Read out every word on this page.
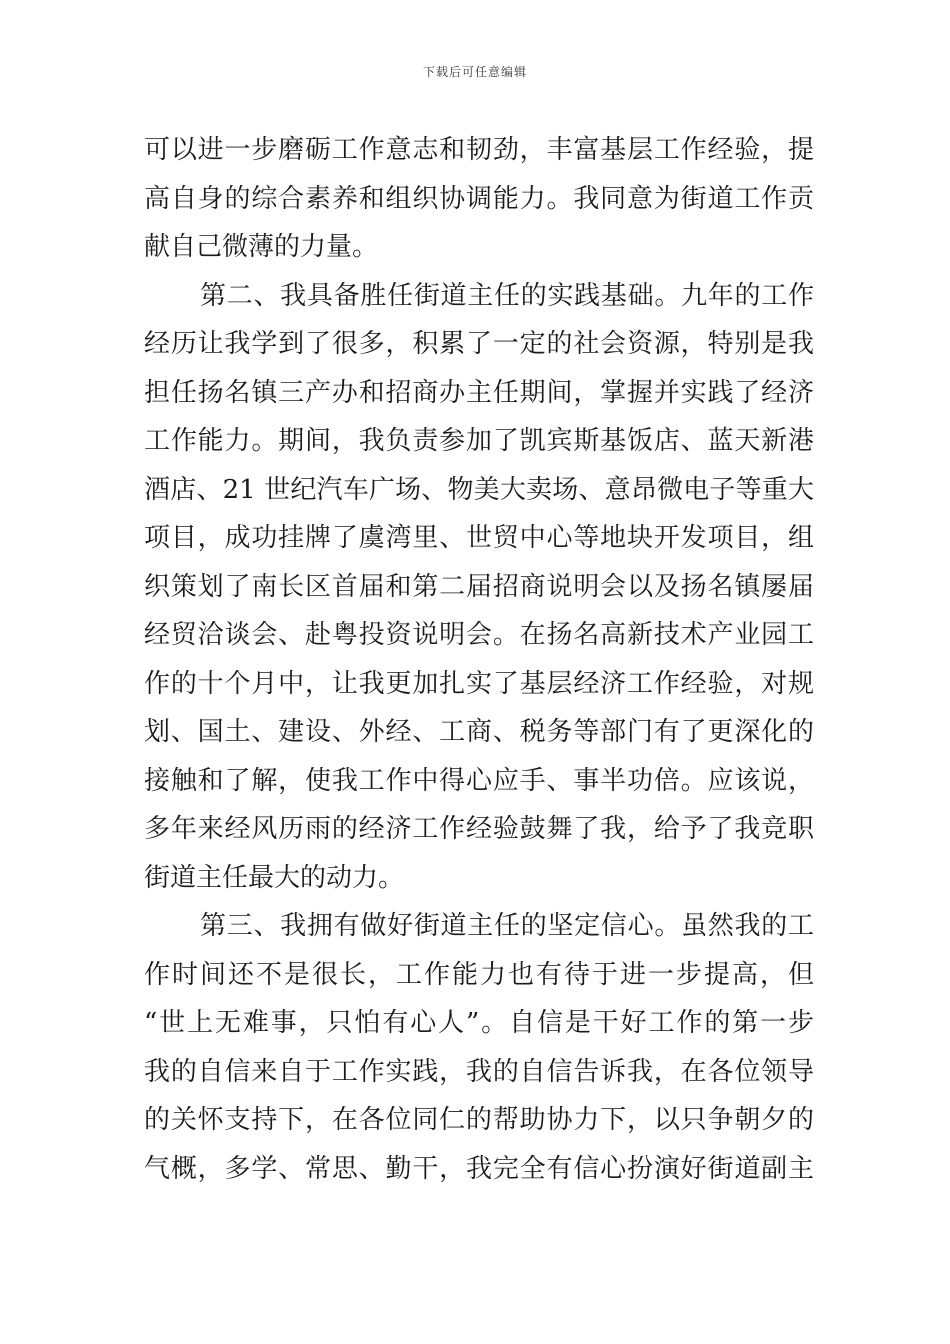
下载后可任意编辑
可以进一步磨砺工作意志和韧劲，丰富基层工作经验，提
高自身的综合素养和组织协调能力。我同意为街道工作贡
献自己微薄的力量。
第二、我具备胜任街道主任的实践基础。九年的工作
经历让我学到了很多，积累了一定的社会资源，特别是我
担任扬名镇三产办和招商办主任期间，掌握并实践了经济
工作能力。期间，我负责参加了凯宾斯基饭店、蓝天新港
酒店、21 世纪汽车广场、物美大卖场、意昂微电子等重大
项目，成功挂牌了虞湾里、世贸中心等地块开发项目，组
织策划了南长区首届和第二届招商说明会以及扬名镇屡届
经贸洽谈会、赴粤投资说明会。在扬名高新技术产业园工
作的十个月中，让我更加扎实了基层经济工作经验，对规
划、国土、建设、外经、工商、税务等部门有了更深化的
接触和了解，使我工作中得心应手、事半功倍。应该说，
多年来经风历雨的经济工作经验鼓舞了我，给予了我竞职
街道主任最大的动力。
第三、我拥有做好街道主任的坚定信心。虽然我的工
作时间还不是很长，工作能力也有待于进一步提高，但
“世上无难事，只怕有心人”。自信是干好工作的第一步
我的自信来自于工作实践，我的自信告诉我，在各位领导
的关怀支持下，在各位同仁的帮助协力下，以只争朝夕的
气概，多学、常思、勤干，我完全有信心扮演好街道副主
